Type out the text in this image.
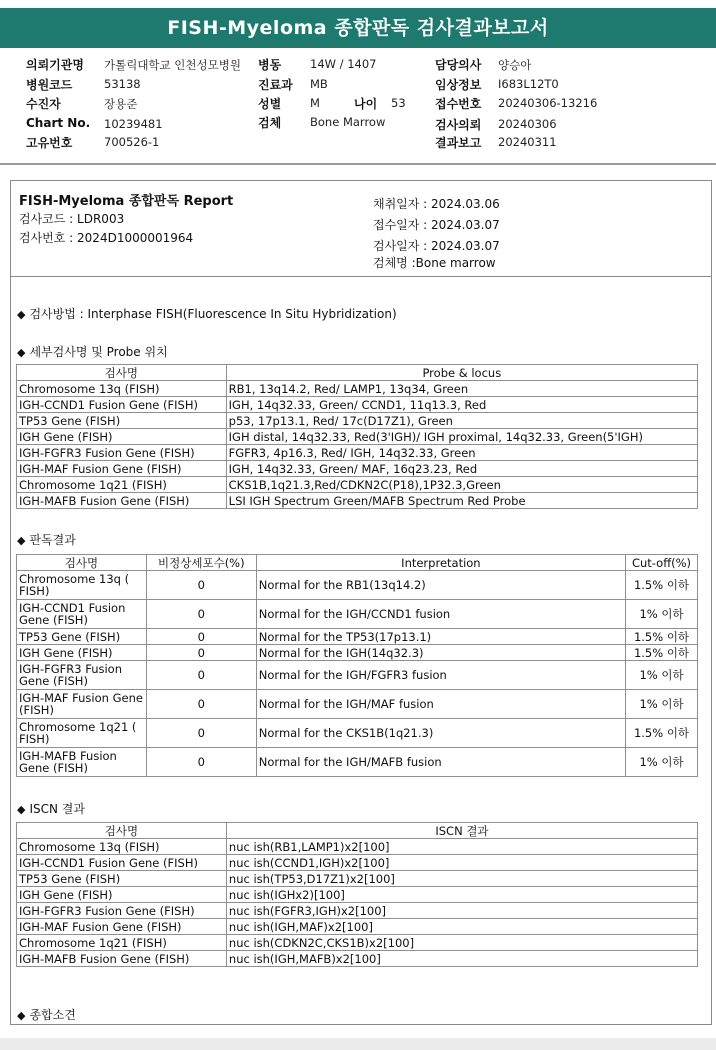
FISH-Myeloma 종합판독 검사결과보고서
의뢰기관명 가톨릭대학교 인천성모병원
병원코드	53138
수진자	장용준
Chart No. 10239481
고유번호	700526-1
병동	14W / 1407
진료과 MB
성별	M	나이 53
검체	Bone Marrow
담당의사 양승아
임상정보 I683L12T0
접수번호 20240306-13216
검사의뢰 20240306
결과보고 20240311
FISH-Myeloma 종합판독 Report
검사코드 : LDR003
검사번호 : 2024D1000001964
채취일자 : 2024.03.06
접수일자 : 2024.03.07
검사일자 : 2024.03.07
검체명 :Bone marrow
◆ 검사방법 : Interphase FISH(Fluorescence In Situ Hybridization)
◆ 세부검사명 및 Probe 위치
검사명	Probe & locus
Chromosome 13q (FISH)	RB1, 13q14.2, Red/ LAMP1, 13q34, Green
IGH-CCND1 Fusion Gene (FISH)	IGH, 14q32.33, Green/ CCND1, 11q13.3, Red
TP53 Gene (FISH)	p53, 17p13.1, Red/ 17c(D17Z1), Green
IGH Gene (FISH)	IGH distal, 14q32.33, Red(3'IGH)/ IGH proximal, 14q32.33, Green(5'IGH)
IGH-FGFR3 Fusion Gene (FISH)	FGFR3, 4p16.3, Red/ IGH, 14q32.33, Green
IGH-MAF Fusion Gene (FISH)	IGH, 14q32.33, Green/ MAF, 16q23.23, Red
Chromosome 1q21 (FISH)	CKS1B,1q21.3,Red/CDKN2C(P18),1P32.3,Green
IGH-MAFB Fusion Gene (FISH)	LSI IGH Spectrum Green/MAFB Spectrum Red Probe
◆ 판독결과
검사명	비정상세포수(%)	Interpretation	Cut-off(%)
Chromosome 13q ( FISH)	0	Normal for the RB1(13q14.2)	1.5% 이하
IGH-CCND1 Fusion Gene (FISH)	0	Normal for the IGH/CCND1 fusion	1% 이하
TP53 Gene (FISH)	0	Normal for the TP53(17p13.1)	1.5% 이하
IGH Gene (FISH)	0	Normal for the IGH(14q32.3)	1.5% 이하
IGH-FGFR3 Fusion Gene (FISH)	0	Normal for the IGH/FGFR3 fusion	1% 이하
IGH-MAF Fusion Gene (FISH)	0	Normal for the IGH/MAF fusion	1% 이하
Chromosome 1q21 ( FISH)	0	Normal for the CKS1B(1q21.3)	1.5% 이하
IGH-MAFB Fusion Gene (FISH)	0	Normal for the IGH/MAFB fusion	1% 이하
◆ ISCN 결과
검사명	ISCN 결과
Chromosome 13q (FISH)	nuc ish(RB1,LAMP1)x2[100]
IGH-CCND1 Fusion Gene (FISH)	nuc ish(CCND1,IGH)x2[100]
TP53 Gene (FISH)	nuc ish(TP53,D17Z1)x2[100]
IGH Gene (FISH)	nuc ish(IGHx2)[100]
IGH-FGFR3 Fusion Gene (FISH)	nuc ish(FGFR3,IGH)x2[100]
IGH-MAF Fusion Gene (FISH)	nuc ish(IGH,MAF)x2[100]
Chromosome 1q21 (FISH)	nuc ish(CDKN2C,CKS1B)x2[100]
IGH-MAFB Fusion Gene (FISH)	nuc ish(IGH,MAFB)x2[100]
◆ 종합소견
